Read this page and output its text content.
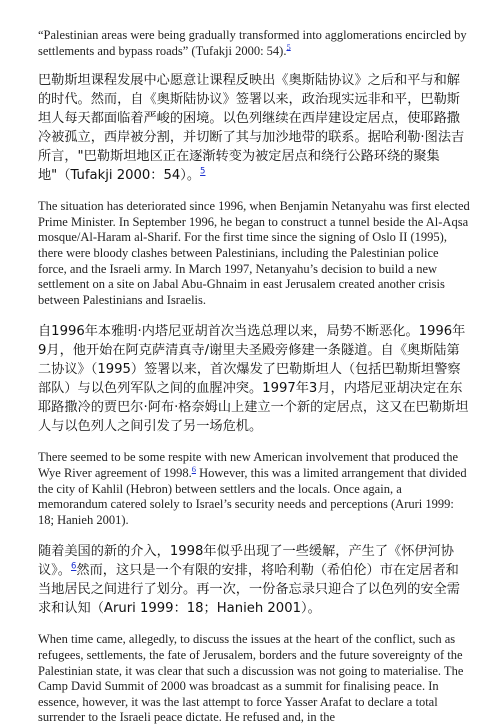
“Palestinian areas were being gradually transformed into agglomerations encircled by settlements and bypass roads” (Tufakji 2000: 54).$^5$

巴勒斯坦课程发展中心愿意让课程反映出《奥斯陆协议》之后和平与和解的时代。然而，自《奥斯陆协议》签署以来，政治现实远非和平，巴勒斯坦人每天都面临着严峻的困境。以色列继续在西岸建设定居点，使耶路撒冷被孤立，西岸被分割，并切断了其与加沙地带的联系。据哈利勒·图法吉所言，"巴勒斯坦地区正在逐渐转变为被定居点和绕行公路环绕的聚集地"（Tufakji 2000：54）。$^5$

The situation has deteriorated since 1996, when Benjamin Netanyahu was first elected Prime Minister. In September 1996, he began to construct a tunnel beside the Al-Aqsa mosque/Al-Haram al-Sharif. For the first time since the signing of Oslo II (1995), there were bloody clashes between Palestinians, including the Palestinian police force, and the Israeli army. In March 1997, Netanyahu’s decision to build a new settlement on a site on Jabal Abu-Ghnaim in east Jerusalem created another crisis between Palestinians and Israelis.

自1996年本雅明·内塔尼亚胡首次当选总理以来，局势不断恶化。1996年9月，他开始在阿克萨清真寺/谢里夫圣殿旁修建一条隧道。自《奥斯陆第二协议》（1995）签署以来，首次爆发了巴勒斯坦人（包括巴勒斯坦警察部队）与以色列军队之间的血腥冲突。1997年3月，内塔尼亚胡决定在东耶路撒冷的贾巴尔·阿布·格奈姆山上建立一个新的定居点，这又在巴勒斯坦人与以色列人之间引发了另一场危机。

There seemed to be some respite with new American involvement that produced the Wye River agreement of 1998.$^6$ However, this was a limited arrangement that divided the city of Kahlil (Hebron) between settlers and the locals. Once again, a memorandum catered solely to Israel’s security needs and perceptions (Aruri 1999: 18; Hanieh 2001).

随着美国的新的介入，1998年似乎出现了一些缓解，产生了《怀伊河协议》。$^6$然而，这只是一个有限的安排，将哈利勒（希伯伦）市在定居者和当地居民之间进行了划分。再一次，一份备忘录只迎合了以色列的安全需求和认知（Aruri 1999：18；Hanieh 2001）。

When time came, allegedly, to discuss the issues at the heart of the conflict, such as refugees, settlements, the fate of Jerusalem, borders and the future sovereignty of the Palestinian state, it was clear that such a discussion was not going to materialise. The Camp David Summit of 2000 was broadcast as a summit for finalising peace. In essence, however, it was the last attempt to force Yasser Arafat to declare a total surrender to the Israeli peace dictate. He refused and, in the
